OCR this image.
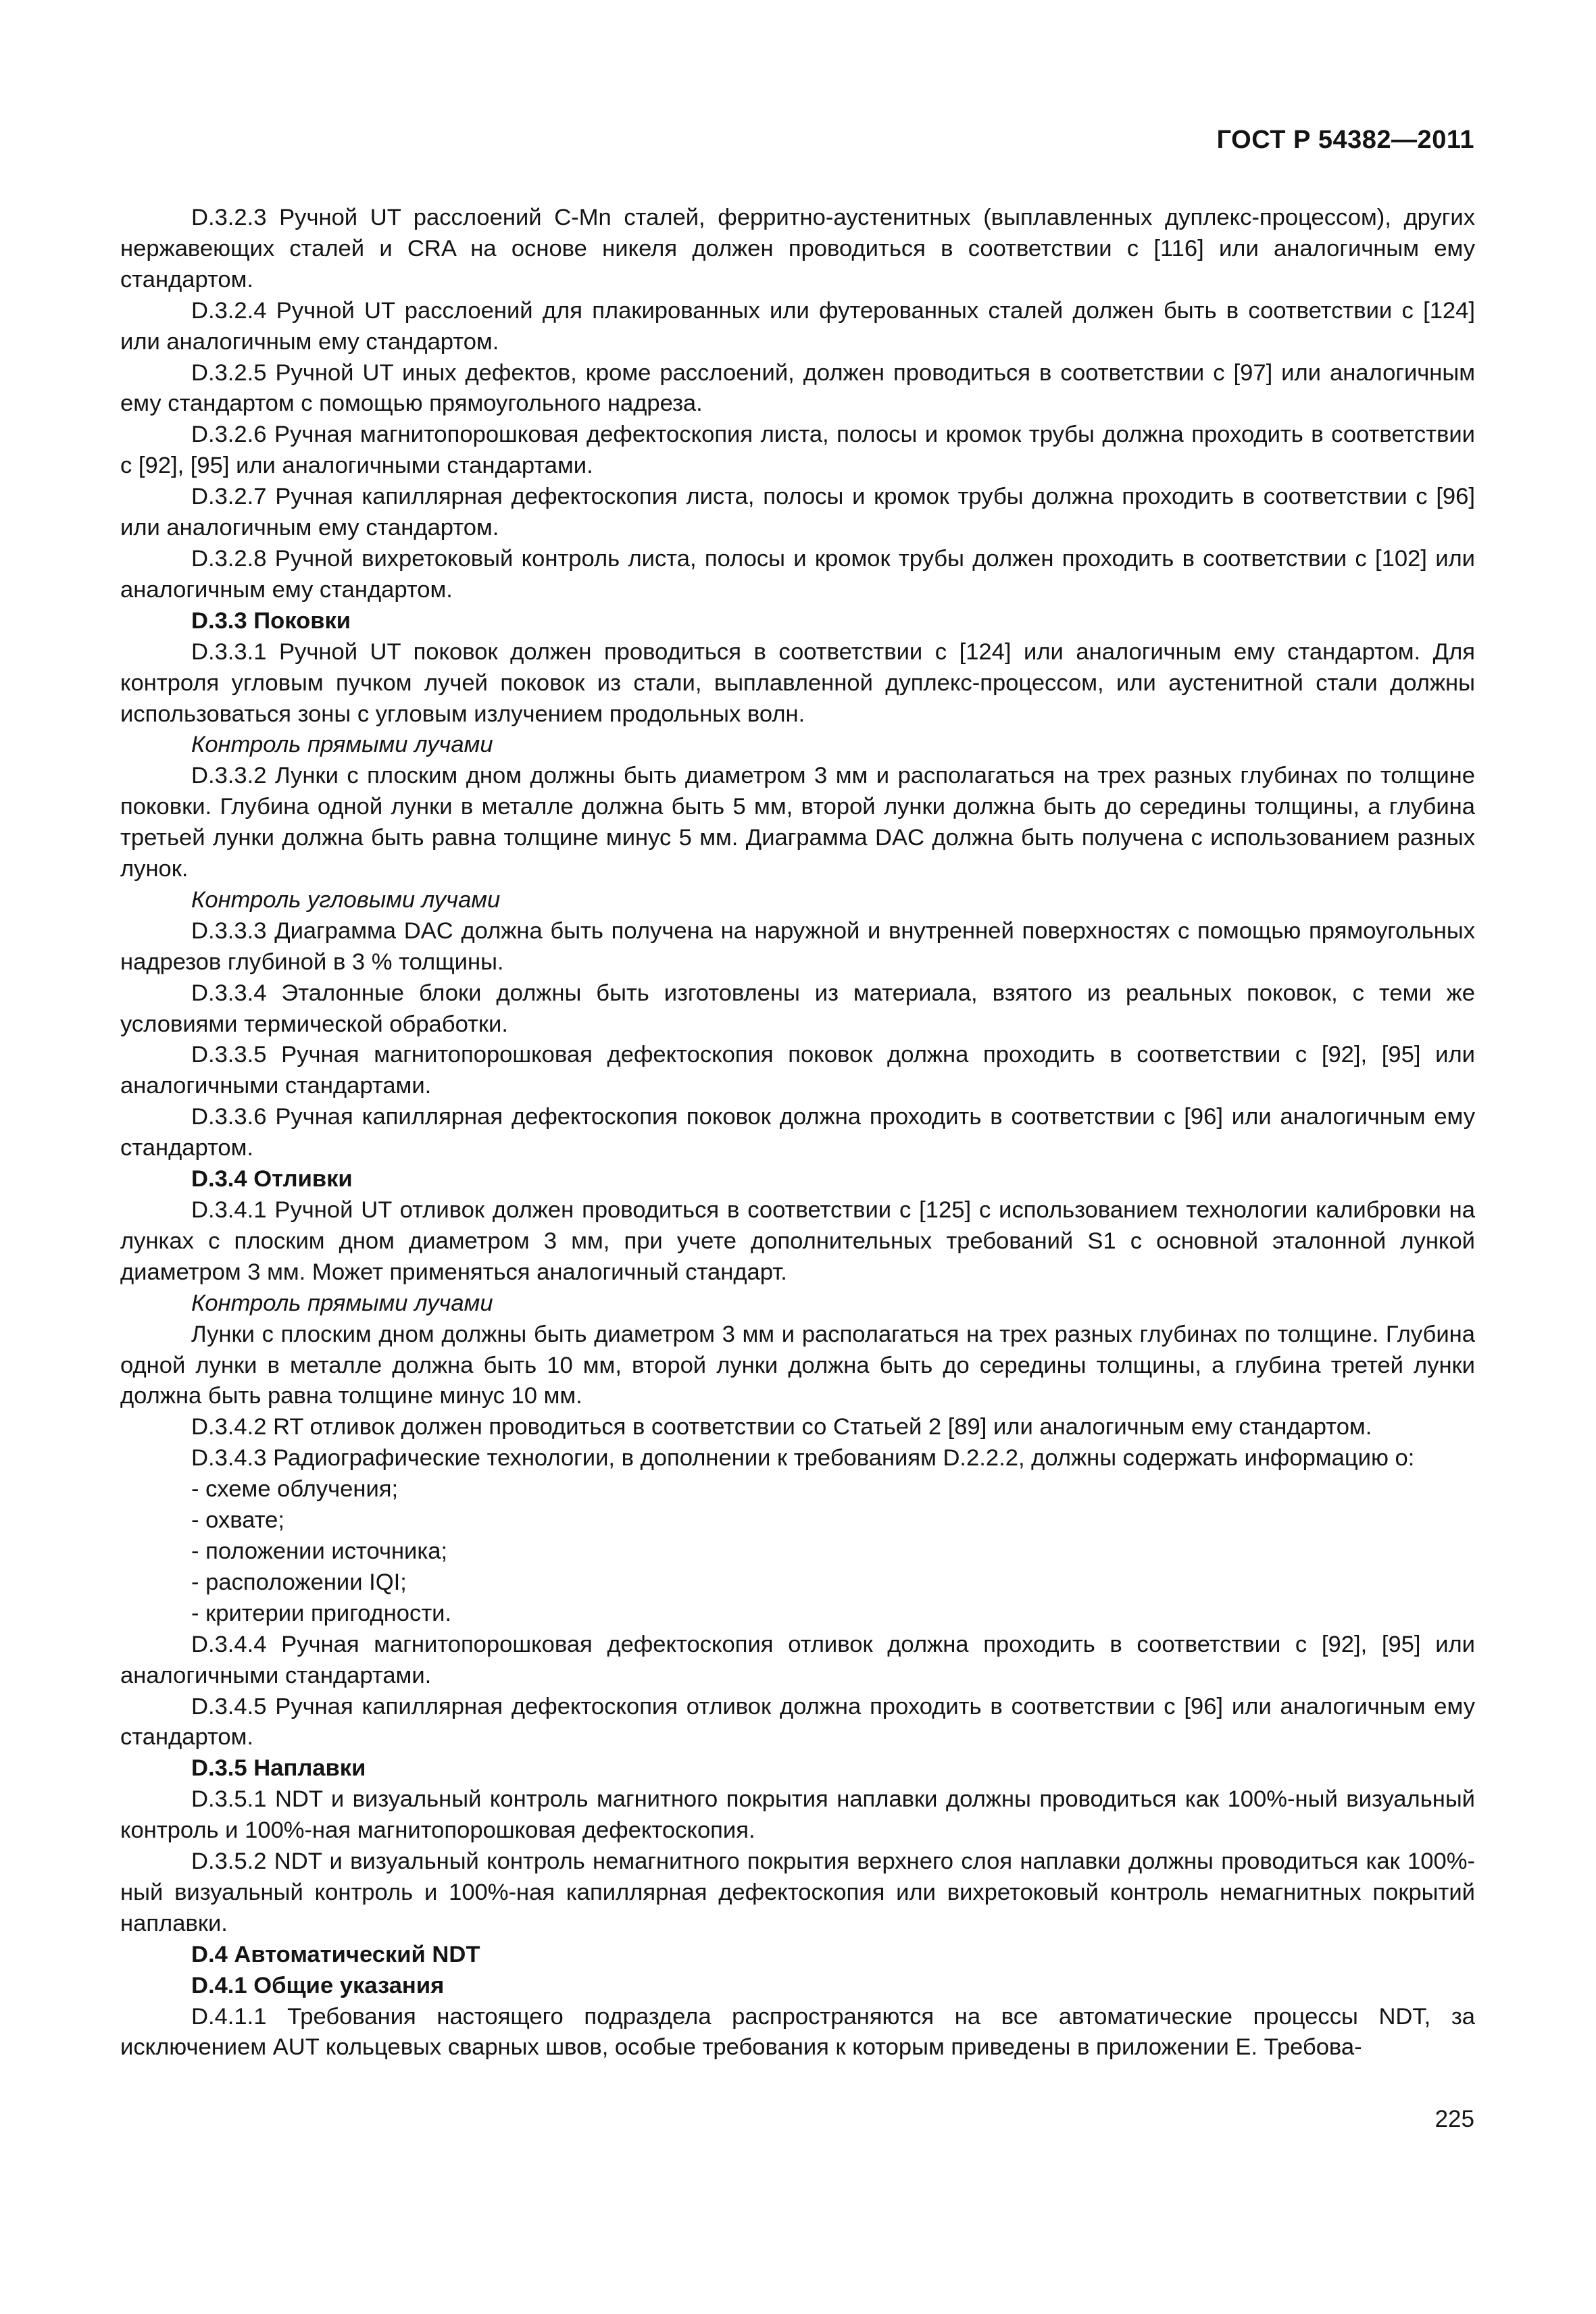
ГОСТ Р 54382—2011

D.3.2.3 Ручной UT расслоений C-Mn сталей, ферритно-аустенитных (выплавленных дуплекс-процессом), других нержавеющих сталей и CRA на основе никеля должен проводиться в соответствии с [116] или аналогичным ему стандартом.

D.3.2.4 Ручной UT расслоений для плакированных или футерованных сталей должен быть в соответствии с [124] или аналогичным ему стандартом.

D.3.2.5 Ручной UT иных дефектов, кроме расслоений, должен проводиться в соответствии с [97] или аналогичным ему стандартом с помощью прямоугольного надреза.

D.3.2.6 Ручная магнитопорошковая дефектоскопия листа, полосы и кромок трубы должна проходить в соответствии с [92], [95] или аналогичными стандартами.

D.3.2.7 Ручная капиллярная дефектоскопия листа, полосы и кромок трубы должна проходить в соответствии с [96] или аналогичным ему стандартом.

D.3.2.8 Ручной вихретоковый контроль листа, полосы и кромок трубы должен проходить в соответствии с [102] или аналогичным ему стандартом.

D.3.3 Поковки

D.3.3.1 Ручной UT поковок должен проводиться в соответствии с [124] или аналогичным ему стандартом. Для контроля угловым пучком лучей поковок из стали, выплавленной дуплекс-процессом, или аустенитной стали должны использоваться зоны с угловым излучением продольных волн.

Контроль прямыми лучами

D.3.3.2 Лунки с плоским дном должны быть диаметром 3 мм и располагаться на трех разных глубинах по толщине поковки. Глубина одной лунки в металле должна быть 5 мм, второй лунки должна быть до середины толщины, а глубина третьей лунки должна быть равна толщине минус 5 мм. Диаграмма DAC должна быть получена с использованием разных лунок.

Контроль угловыми лучами

D.3.3.3 Диаграмма DAC должна быть получена на наружной и внутренней поверхностях с помощью прямоугольных надрезов глубиной в 3 % толщины.

D.3.3.4 Эталонные блоки должны быть изготовлены из материала, взятого из реальных поковок, с теми же условиями термической обработки.

D.3.3.5 Ручная магнитопорошковая дефектоскопия поковок должна проходить в соответствии с [92], [95] или аналогичными стандартами.

D.3.3.6 Ручная капиллярная дефектоскопия поковок должна проходить в соответствии с [96] или аналогичным ему стандартом.

D.3.4 Отливки

D.3.4.1 Ручной UT отливок должен проводиться в соответствии с [125] с использованием технологии калибровки на лунках с плоским дном диаметром 3 мм, при учете дополнительных требований S1 с основной эталонной лункой диаметром 3 мм. Может применяться аналогичный стандарт.

Контроль прямыми лучами

Лунки с плоским дном должны быть диаметром 3 мм и располагаться на трех разных глубинах по толщине. Глубина одной лунки в металле должна быть 10 мм, второй лунки должна быть до середины толщины, а глубина третей лунки должна быть равна толщине минус 10 мм.

D.3.4.2 RT отливок должен проводиться в соответствии со Статьей 2 [89] или аналогичным ему стандартом.

D.3.4.3 Радиографические технологии, в дополнении к требованиям D.2.2.2, должны содержать информацию о:

- схеме облучения;

- охвате;

- положении источника;

- расположении IQI;

- критерии пригодности.

D.3.4.4 Ручная магнитопорошковая дефектоскопия отливок должна проходить в соответствии с [92], [95] или аналогичными стандартами.

D.3.4.5 Ручная капиллярная дефектоскопия отливок должна проходить в соответствии с [96] или аналогичным ему стандартом.

D.3.5 Наплавки

D.3.5.1 NDT и визуальный контроль магнитного покрытия наплавки должны проводиться как 100%-ный визуальный контроль и 100%-ная магнитопорошковая дефектоскопия.

D.3.5.2 NDT и визуальный контроль немагнитного покрытия верхнего слоя наплавки должны проводиться как 100%-ный визуальный контроль и 100%-ная капиллярная дефектоскопия или вихретоковый контроль немагнитных покрытий наплавки.

D.4 Автоматический NDT

D.4.1 Общие указания

D.4.1.1 Требования настоящего подраздела распространяются на все автоматические процессы NDT, за исключением AUT кольцевых сварных швов, особые требования к которым приведены в приложении E. Требова-

225
